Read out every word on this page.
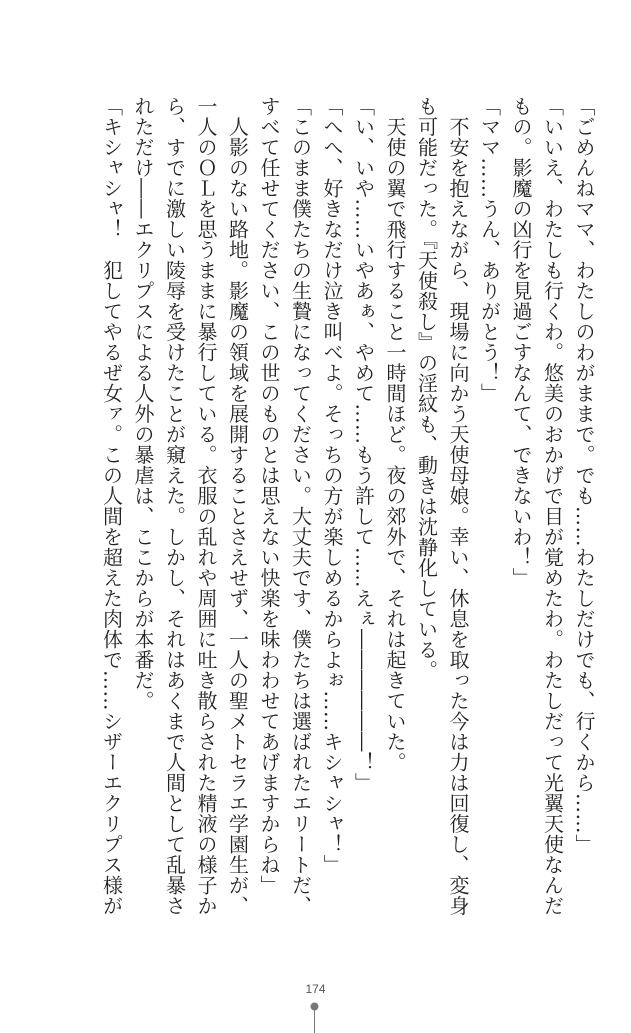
「ごめんねママ、わたしのわがままで。でも……わたしだけでも、行くから……」
「いいえ、わたしも行くわ。悠美のおかげで目が覚めたわ。わたしだって光翼天使なんだ
もの。影魔の凶行を見過ごすなんて、できないわ！」
「ママ……うん、ありがとう！」
　不安を抱えながら、現場に向かう天使母娘。幸い、休息を取った今は力は回復し、変身
も可能だった。『天使殺し』の淫紋も、動きは沈静化している。
　天使の翼で飛行すること一時間ほど。夜の郊外で、それは起きていた。
「い、いや……いやあぁ、やめて……もう許して……えぇ――――――！」
「へへ、好きなだけ泣き叫べよ。そっちの方が楽しめるからよぉ……キシャシャ！」
「このまま僕たちの生贄になってください。大丈夫です、僕たちは選ばれたエリートだ、
すべて任せてください、この世のものとは思えない快楽を味わわせてあげますからね」
　人影のない路地。影魔の領域を展開することさえせず、一人の聖メトセラエ学園生が、
一人のＯＬを思うままに暴行している。衣服の乱れや周囲に吐き散らされた精液の様子か
ら、すでに激しい陵辱を受けたことが窺えた。しかし、それはあくまで人間として乱暴さ
れただけ――エクリプスによる人外の暴虐は、ここからが本番だ。
「キシャシャ！　犯してやるぜ女ァ。この人間を超えた肉体で……シザーエクリプス様が
174
